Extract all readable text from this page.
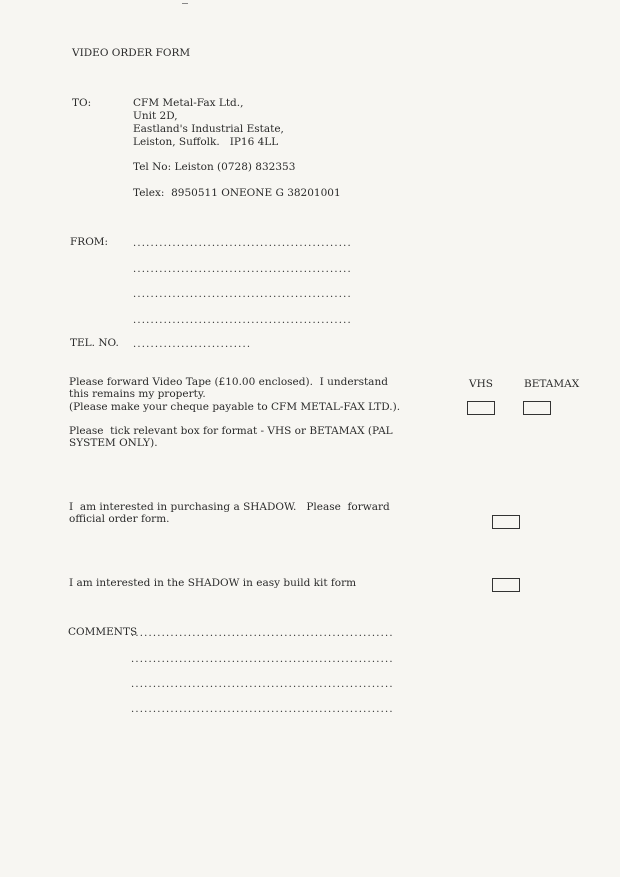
VIDEO ORDER FORM
TO:	CFM Metal-Fax Ltd.,
Unit 2D,
Eastland's Industrial Estate,
Leiston, Suffolk.   IP16 4LL
Tel No: Leiston (0728) 832353
Telex:  8950511 ONEONE G 38201001
FROM: ..................................................
..................................................
..................................................
..................................................
TEL. NO. ...........................
Please forward Video Tape (£10.00 enclosed).  I understand
this remains my property.
(Please make your cheque payable to CFM METAL-FAX LTD.).
VHS	BETAMAX
Please  tick relevant box for format - VHS or BETAMAX (PAL
SYSTEM ONLY).
I  am interested in purchasing a SHADOW.   Please  forward
official order form.
I am interested in the SHADOW in easy build kit form
COMMENTS
............................................................
............................................................
............................................................
............................................................
